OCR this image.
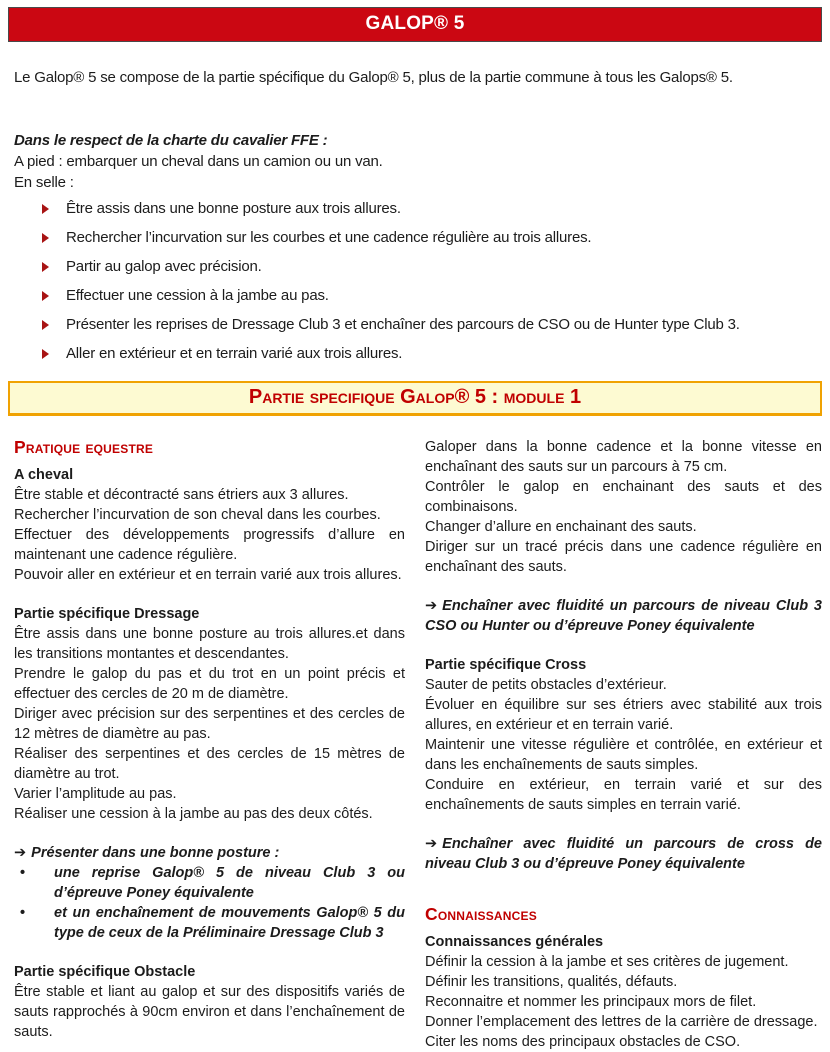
GALOP® 5

Le Galop® 5 se compose de la partie spécifique du Galop® 5, plus de la partie commune à tous les Galops® 5.

Dans le respect de la charte du cavalier FFE :

A pied : embarquer un cheval dans un camion ou un van.

En selle :

Être assis dans une bonne posture aux trois allures.
Rechercher l’incurvation sur les courbes et une cadence régulière au trois allures.
Partir au galop avec précision.
Effectuer une cession à la jambe au pas.
Présenter les reprises de Dressage Club 3 et enchaîner des parcours de CSO ou de Hunter type Club 3.
Aller en extérieur et en terrain varié aux trois allures.
Partie specifique Galop® 5 : module 1

Pratique equestre

A cheval

Être stable et décontracté sans étriers aux 3 allures.

Rechercher l’incurvation de son cheval dans les courbes.

Effectuer des développements progressifs d’allure en maintenant une cadence régulière.

Pouvoir aller en extérieur et en terrain varié aux trois allures.

Partie spécifique Dressage

Être assis dans une bonne posture au trois allures.et dans les transitions montantes et descendantes.

Prendre le galop du pas et du trot en un point précis et effectuer des cercles de 20 m de diamètre.

Diriger avec précision sur des serpentines et des cercles de 12 mètres de diamètre au pas.

Réaliser des serpentines et des cercles de 15 mètres de diamètre au trot.

Varier l’amplitude au pas.

Réaliser une cession à la jambe au pas des deux côtés.

➔ Présenter dans une bonne posture :

• une reprise Galop® 5 de niveau Club 3 ou d’épreuve Poney équivalente
• et un enchaînement de mouvements Galop® 5 du type de ceux de la Préliminaire Dressage Club 3

Partie spécifique Obstacle

Être stable et liant au galop et sur des dispositifs variés de sauts rapprochés à 90cm environ et dans l’enchaînement de sauts.

Galoper dans la bonne cadence et la bonne vitesse en enchaînant des sauts sur un parcours à 75 cm.

Contrôler le galop en enchainant des sauts et des combinaisons.

Changer d’allure en enchainant des sauts.

Diriger sur un tracé précis dans une cadence régulière en enchaînant des sauts.

➔ Enchaîner avec fluidité un parcours de niveau Club 3 CSO ou Hunter ou d’épreuve Poney équivalente

Partie spécifique Cross

Sauter de petits obstacles d’extérieur.

Évoluer en équilibre sur ses étriers avec stabilité aux trois allures, en extérieur et en terrain varié.

Maintenir une vitesse régulière et contrôlée, en extérieur et dans les enchaînements de sauts simples.

Conduire en extérieur, en terrain varié et sur des enchaînements de sauts simples en terrain varié.

➔ Enchaîner avec fluidité un parcours de cross de niveau Club 3 ou d’épreuve Poney équivalente

Connaissances

Connaissances générales

Définir la cession à la jambe et ses critères de jugement.

Définir les transitions, qualités, défauts.

Reconnaitre et nommer les principaux mors de filet.

Donner l’emplacement des lettres de la carrière de dressage.

Citer les noms des principaux obstacles de CSO.
